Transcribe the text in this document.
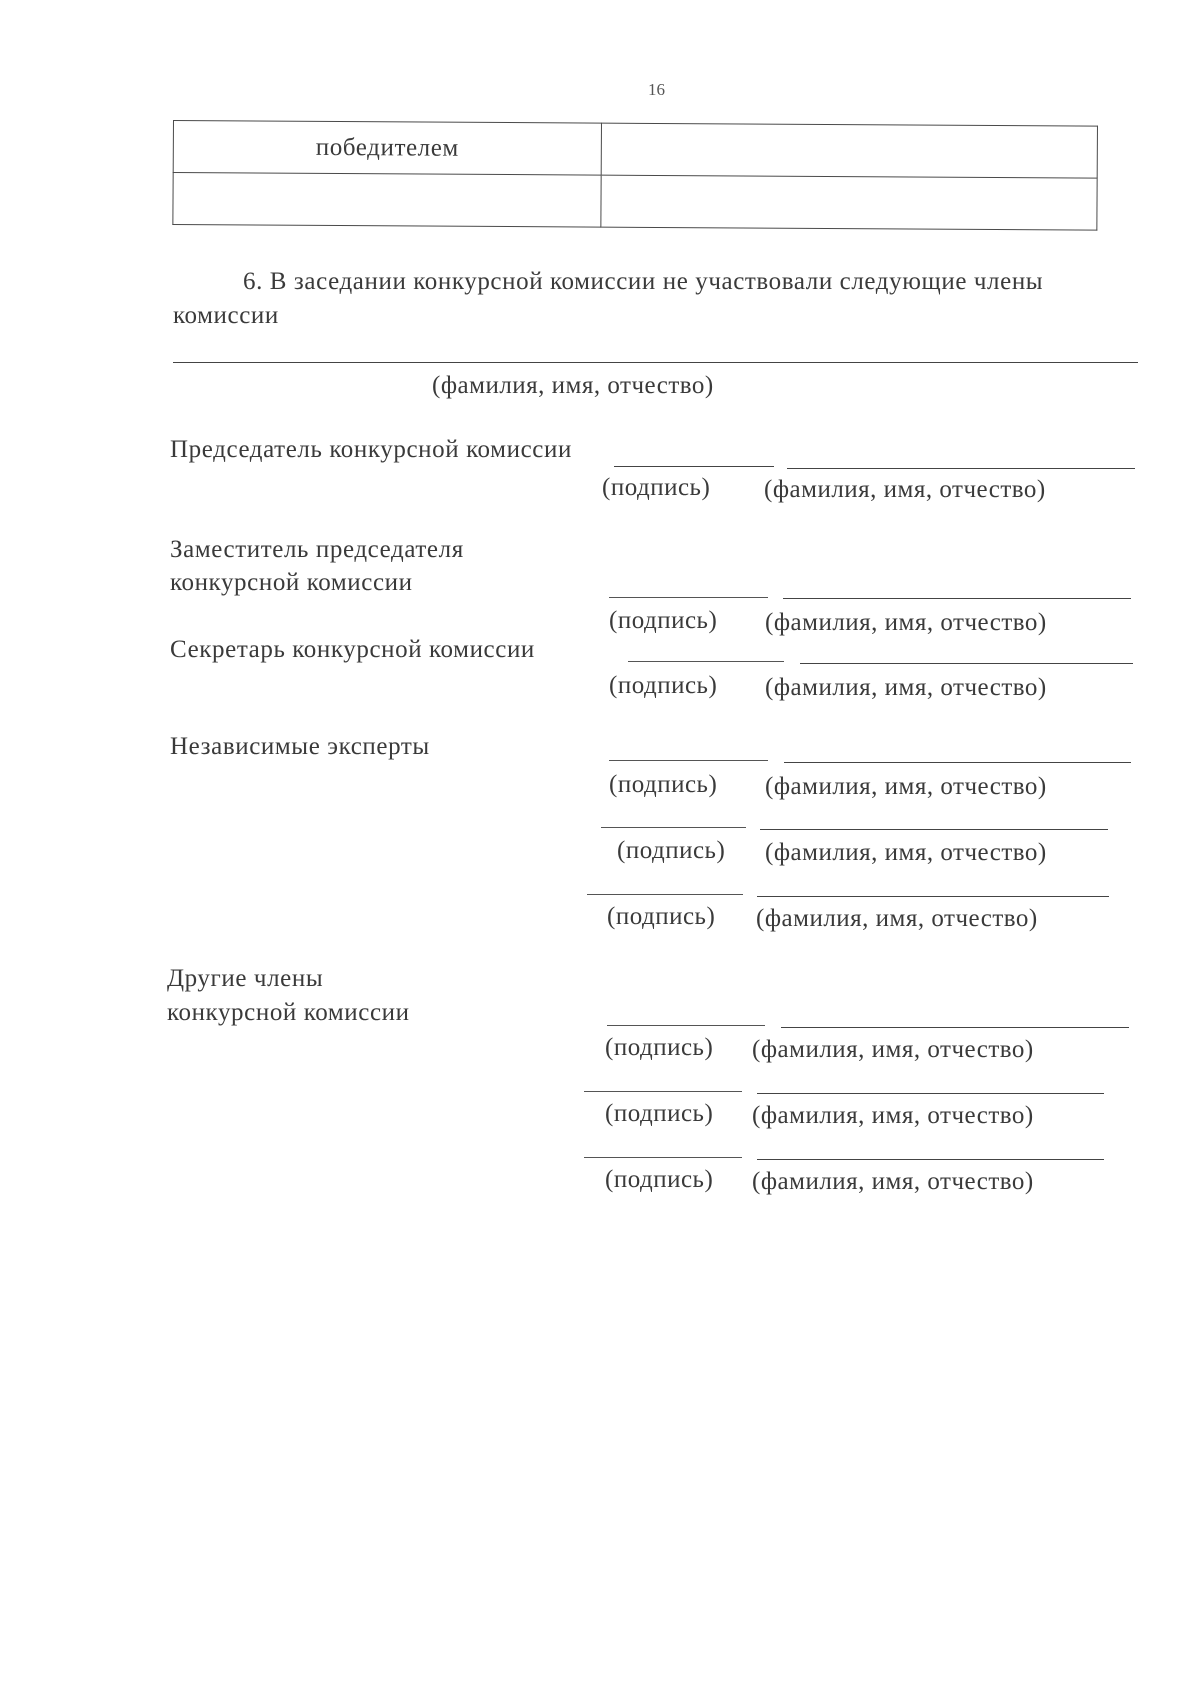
16
победителем	

6. В заседании конкурсной комиссии не участвовали следующие члены
комиссии
(фамилия, имя, отчество)
Председатель конкурсной комиссии
(подпись) (фамилия, имя, отчество)
Заместитель председателя
конкурсной комиссии
(подпись) (фамилия, имя, отчество)
Секретарь конкурсной комиссии
(подпись) (фамилия, имя, отчество)
Независимые эксперты
(подпись) (фамилия, имя, отчество)
(подпись) (фамилия, имя, отчество)
(подпись) (фамилия, имя, отчество)
Другие члены
конкурсной комиссии
(подпись) (фамилия, имя, отчество)
(подпись) (фамилия, имя, отчество)
(подпись) (фамилия, имя, отчество)
